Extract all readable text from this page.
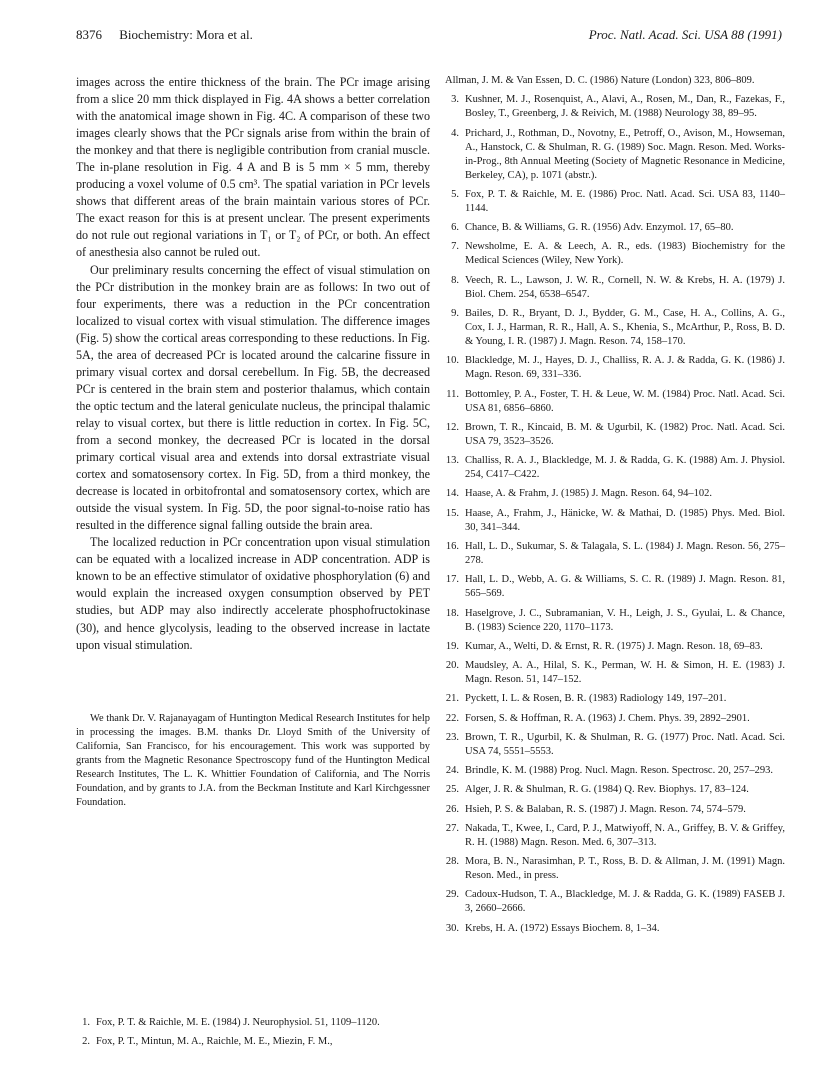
8376 Biochemistry: Mora et al.	Proc. Natl. Acad. Sci. USA 88 (1991)

images across the entire thickness of the brain. The PCr image arising from a slice 20 mm thick displayed in Fig. 4A shows a better correlation with the anatomical image shown in Fig. 4C. A comparison of these two images clearly shows that the PCr signals arise from within the brain of the monkey and that there is negligible contribution from cranial muscle. The in-plane resolution in Fig. 4 A and B is 5 mm × 5 mm, thereby producing a voxel volume of 0.5 cm³. The spatial variation in PCr levels shows that different areas of the brain maintain various stores of PCr. The exact reason for this is at present unclear. The present experiments do not rule out regional variations in T₁ or T₂ of PCr, or both. An effect of anesthesia also cannot be ruled out.

Our preliminary results concerning the effect of visual stimulation on the PCr distribution in the monkey brain are as follows: In two out of four experiments, there was a reduction in the PCr concentration localized to visual cortex with visual stimulation. The difference images (Fig. 5) show the cortical areas corresponding to these reductions. In Fig. 5A, the area of decreased PCr is located around the calcarine fissure in primary visual cortex and dorsal cerebellum. In Fig. 5B, the decreased PCr is centered in the brain stem and posterior thalamus, which contain the optic tectum and the lateral geniculate nucleus, the principal thalamic relay to visual cortex, but there is little reduction in cortex. In Fig. 5C, from a second monkey, the decreased PCr is located in the dorsal primary cortical visual area and extends into dorsal extrastriate visual cortex and somatosensory cortex. In Fig. 5D, from a third monkey, the decrease is located in orbitofrontal and somatosensory cortex, which are outside the visual system. In Fig. 5D, the poor signal-to-noise ratio has resulted in the difference signal falling outside the brain area.

The localized reduction in PCr concentration upon visual stimulation can be equated with a localized increase in ADP concentration. ADP is known to be an effective stimulator of oxidative phosphorylation (6) and would explain the increased oxygen consumption observed by PET studies, but ADP may also indirectly accelerate phosphofructokinase (30), and hence glycolysis, leading to the observed increase in lactate upon visual stimulation.

We thank Dr. V. Rajanayagam of Huntington Medical Research Institutes for help in processing the images. B.M. thanks Dr. Lloyd Smith of the University of California, San Francisco, for his encouragement. This work was supported by grants from the Magnetic Resonance Spectroscopy fund of the Huntington Medical Research Institutes, The L. K. Whittier Foundation of California, and The Norris Foundation, and by grants to J.A. from the Beckman Institute and Karl Kirchgessner Foundation.

1. Fox, P. T. & Raichle, M. E. (1984) J. Neurophysiol. 51, 1109–1120.
2. Fox, P. T., Mintun, M. A., Raichle, M. E., Miezin, F. M.,
Allman, J. M. & Van Essen, D. C. (1986) Nature (London) 323, 806–809.
3. Kushner, M. J., Rosenquist, A., Alavi, A., Rosen, M., Dan, R., Fazekas, F., Bosley, T., Greenberg, J. & Reivich, M. (1988) Neurology 38, 89–95.
4. Prichard, J., Rothman, D., Novotny, E., Petroff, O., Avison, M., Howseman, A., Hanstock, C. & Shulman, R. G. (1989) Soc. Magn. Reson. Med. Works-in-Prog., 8th Annual Meeting (Society of Magnetic Resonance in Medicine, Berkeley, CA), p. 1071 (abstr.).
5. Fox, P. T. & Raichle, M. E. (1986) Proc. Natl. Acad. Sci. USA 83, 1140–1144.
6. Chance, B. & Williams, G. R. (1956) Adv. Enzymol. 17, 65–80.
7. Newsholme, E. A. & Leech, A. R., eds. (1983) Biochemistry for the Medical Sciences (Wiley, New York).
8. Veech, R. L., Lawson, J. W. R., Cornell, N. W. & Krebs, H. A. (1979) J. Biol. Chem. 254, 6538–6547.
9. Bailes, D. R., Bryant, D. J., Bydder, G. M., Case, H. A., Collins, A. G., Cox, I. J., Harman, R. R., Hall, A. S., Khenia, S., McArthur, P., Ross, B. D. & Young, I. R. (1987) J. Magn. Reson. 74, 158–170.
10. Blackledge, M. J., Hayes, D. J., Challiss, R. A. J. & Radda, G. K. (1986) J. Magn. Reson. 69, 331–336.
11. Bottomley, P. A., Foster, T. H. & Leue, W. M. (1984) Proc. Natl. Acad. Sci. USA 81, 6856–6860.
12. Brown, T. R., Kincaid, B. M. & Ugurbil, K. (1982) Proc. Natl. Acad. Sci. USA 79, 3523–3526.
13. Challiss, R. A. J., Blackledge, M. J. & Radda, G. K. (1988) Am. J. Physiol. 254, C417–C422.
14. Haase, A. & Frahm, J. (1985) J. Magn. Reson. 64, 94–102.
15. Haase, A., Frahm, J., Hänicke, W. & Mathai, D. (1985) Phys. Med. Biol. 30, 341–344.
16. Hall, L. D., Sukumar, S. & Talagala, S. L. (1984) J. Magn. Reson. 56, 275–278.
17. Hall, L. D., Webb, A. G. & Williams, S. C. R. (1989) J. Magn. Reson. 81, 565–569.
18. Haselgrove, J. C., Subramanian, V. H., Leigh, J. S., Gyulai, L. & Chance, B. (1983) Science 220, 1170–1173.
19. Kumar, A., Welti, D. & Ernst, R. R. (1975) J. Magn. Reson. 18, 69–83.
20. Maudsley, A. A., Hilal, S. K., Perman, W. H. & Simon, H. E. (1983) J. Magn. Reson. 51, 147–152.
21. Pyckett, I. L. & Rosen, B. R. (1983) Radiology 149, 197–201.
22. Forsen, S. & Hoffman, R. A. (1963) J. Chem. Phys. 39, 2892–2901.
23. Brown, T. R., Ugurbil, K. & Shulman, R. G. (1977) Proc. Natl. Acad. Sci. USA 74, 5551–5553.
24. Brindle, K. M. (1988) Prog. Nucl. Magn. Reson. Spectrosc. 20, 257–293.
25. Alger, J. R. & Shulman, R. G. (1984) Q. Rev. Biophys. 17, 83–124.
26. Hsieh, P. S. & Balaban, R. S. (1987) J. Magn. Reson. 74, 574–579.
27. Nakada, T., Kwee, I., Card, P. J., Matwiyoff, N. A., Griffey, B. V. & Griffey, R. H. (1988) Magn. Reson. Med. 6, 307–313.
28. Mora, B. N., Narasimhan, P. T., Ross, B. D. & Allman, J. M. (1991) Magn. Reson. Med., in press.
29. Cadoux-Hudson, T. A., Blackledge, M. J. & Radda, G. K. (1989) FASEB J. 3, 2660–2666.
30. Krebs, H. A. (1972) Essays Biochem. 8, 1–34.
